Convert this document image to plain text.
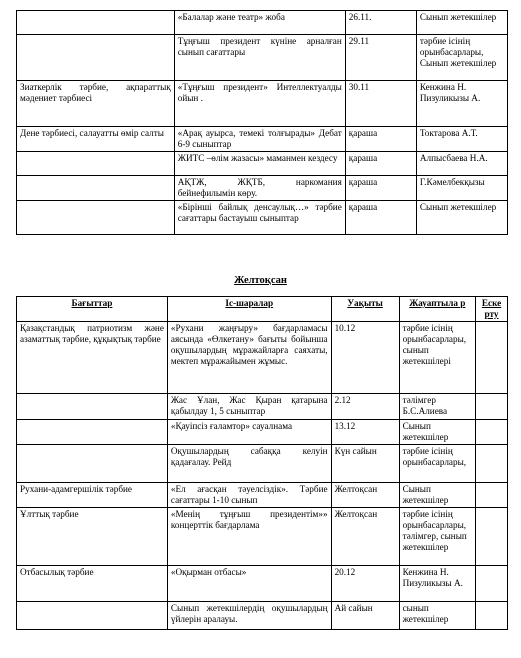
	«Балалар және театр» жоба	26.11.	Сынып жетекшілер
	Тұңғыш президент күніне арналған сынып сағаттары	29.11	тәрбие ісінің орынбасарлары, Сынып жетекшілер
Зиаткерлік тәрбие, ақпараттық мәдениет тәрбиесі	«Тұңғыш президент» Интеллектуалды ойын .	30.11	Кенжина Н. Пизуликызы А.
Дене тәрбиесі, салауатты өмір салты	«Арақ ауырса, темекі толғырады» Дебат 6-9 сыныптар	қараша	Токтарова А.Т.
	ЖИТС –өлім жазасы» маманмен кездесу	қараша	Алпысбаева Н.А.
	АҚТЖ, ЖҚТБ, наркомания бейнефилымін көру.	қараша	Г.Кәмелбекқызы
	«Біріншi байлық денсаулық…» тәрбие сағаттары бастауыш сыныптар	қараша	Сынып жетекшілер
Желтоқсан
Бағыттар	Іс-шаралар	Уақыты	Жауаптыла р	Еске рту
Қазақстандық патриотизм және азаматтық тәрбие, құқықтық тәрбие	«Рухани жаңғыру» бағдарламасы аясында «Өлкетану» бағыты бойынша оқушылардың мұражайларға саяхаты, мектеп мұражайымен жұмыс.	10.12	тәрбие ісінің орынбасарлары, сынып жетекшілері	
	Жас Ұлан, Жас Қыран қатарына қабылдау 1, 5 сыныптар	2.12	тәлімгер Б.С.Алиева	
	«Қауіпсіз ғаламтор» сауалнама	13.12	Сынып жетекшілер	
	Оқушылардың сабаққа келуін қадағалау. Рейд	Күн сайын	тәрбие ісінің орынбасарлары,	
Рухани-адамгершілік тәрбие	«Ел ағасқан тәуелсіздік». Тәрбие сағаттары 1-10 сынып	Желтоқсан	Сынып жетекшілер	
Ұлттық тәрбие	«Менің тұңғыш президентім»» концерттік бағдарлама	Желтоқсан	тәрбие ісінің орынбасарлары, тәлімгер, сынып жетекшілер	
Отбасылық тәрбие	«Оқырман отбасы»	20.12	Кенжина Н. Пизуликызы А.	
	Сынып жетекшілердің оқушылардың үйлерін аралауы.	Ай сайын	сынып жетекшілер	
